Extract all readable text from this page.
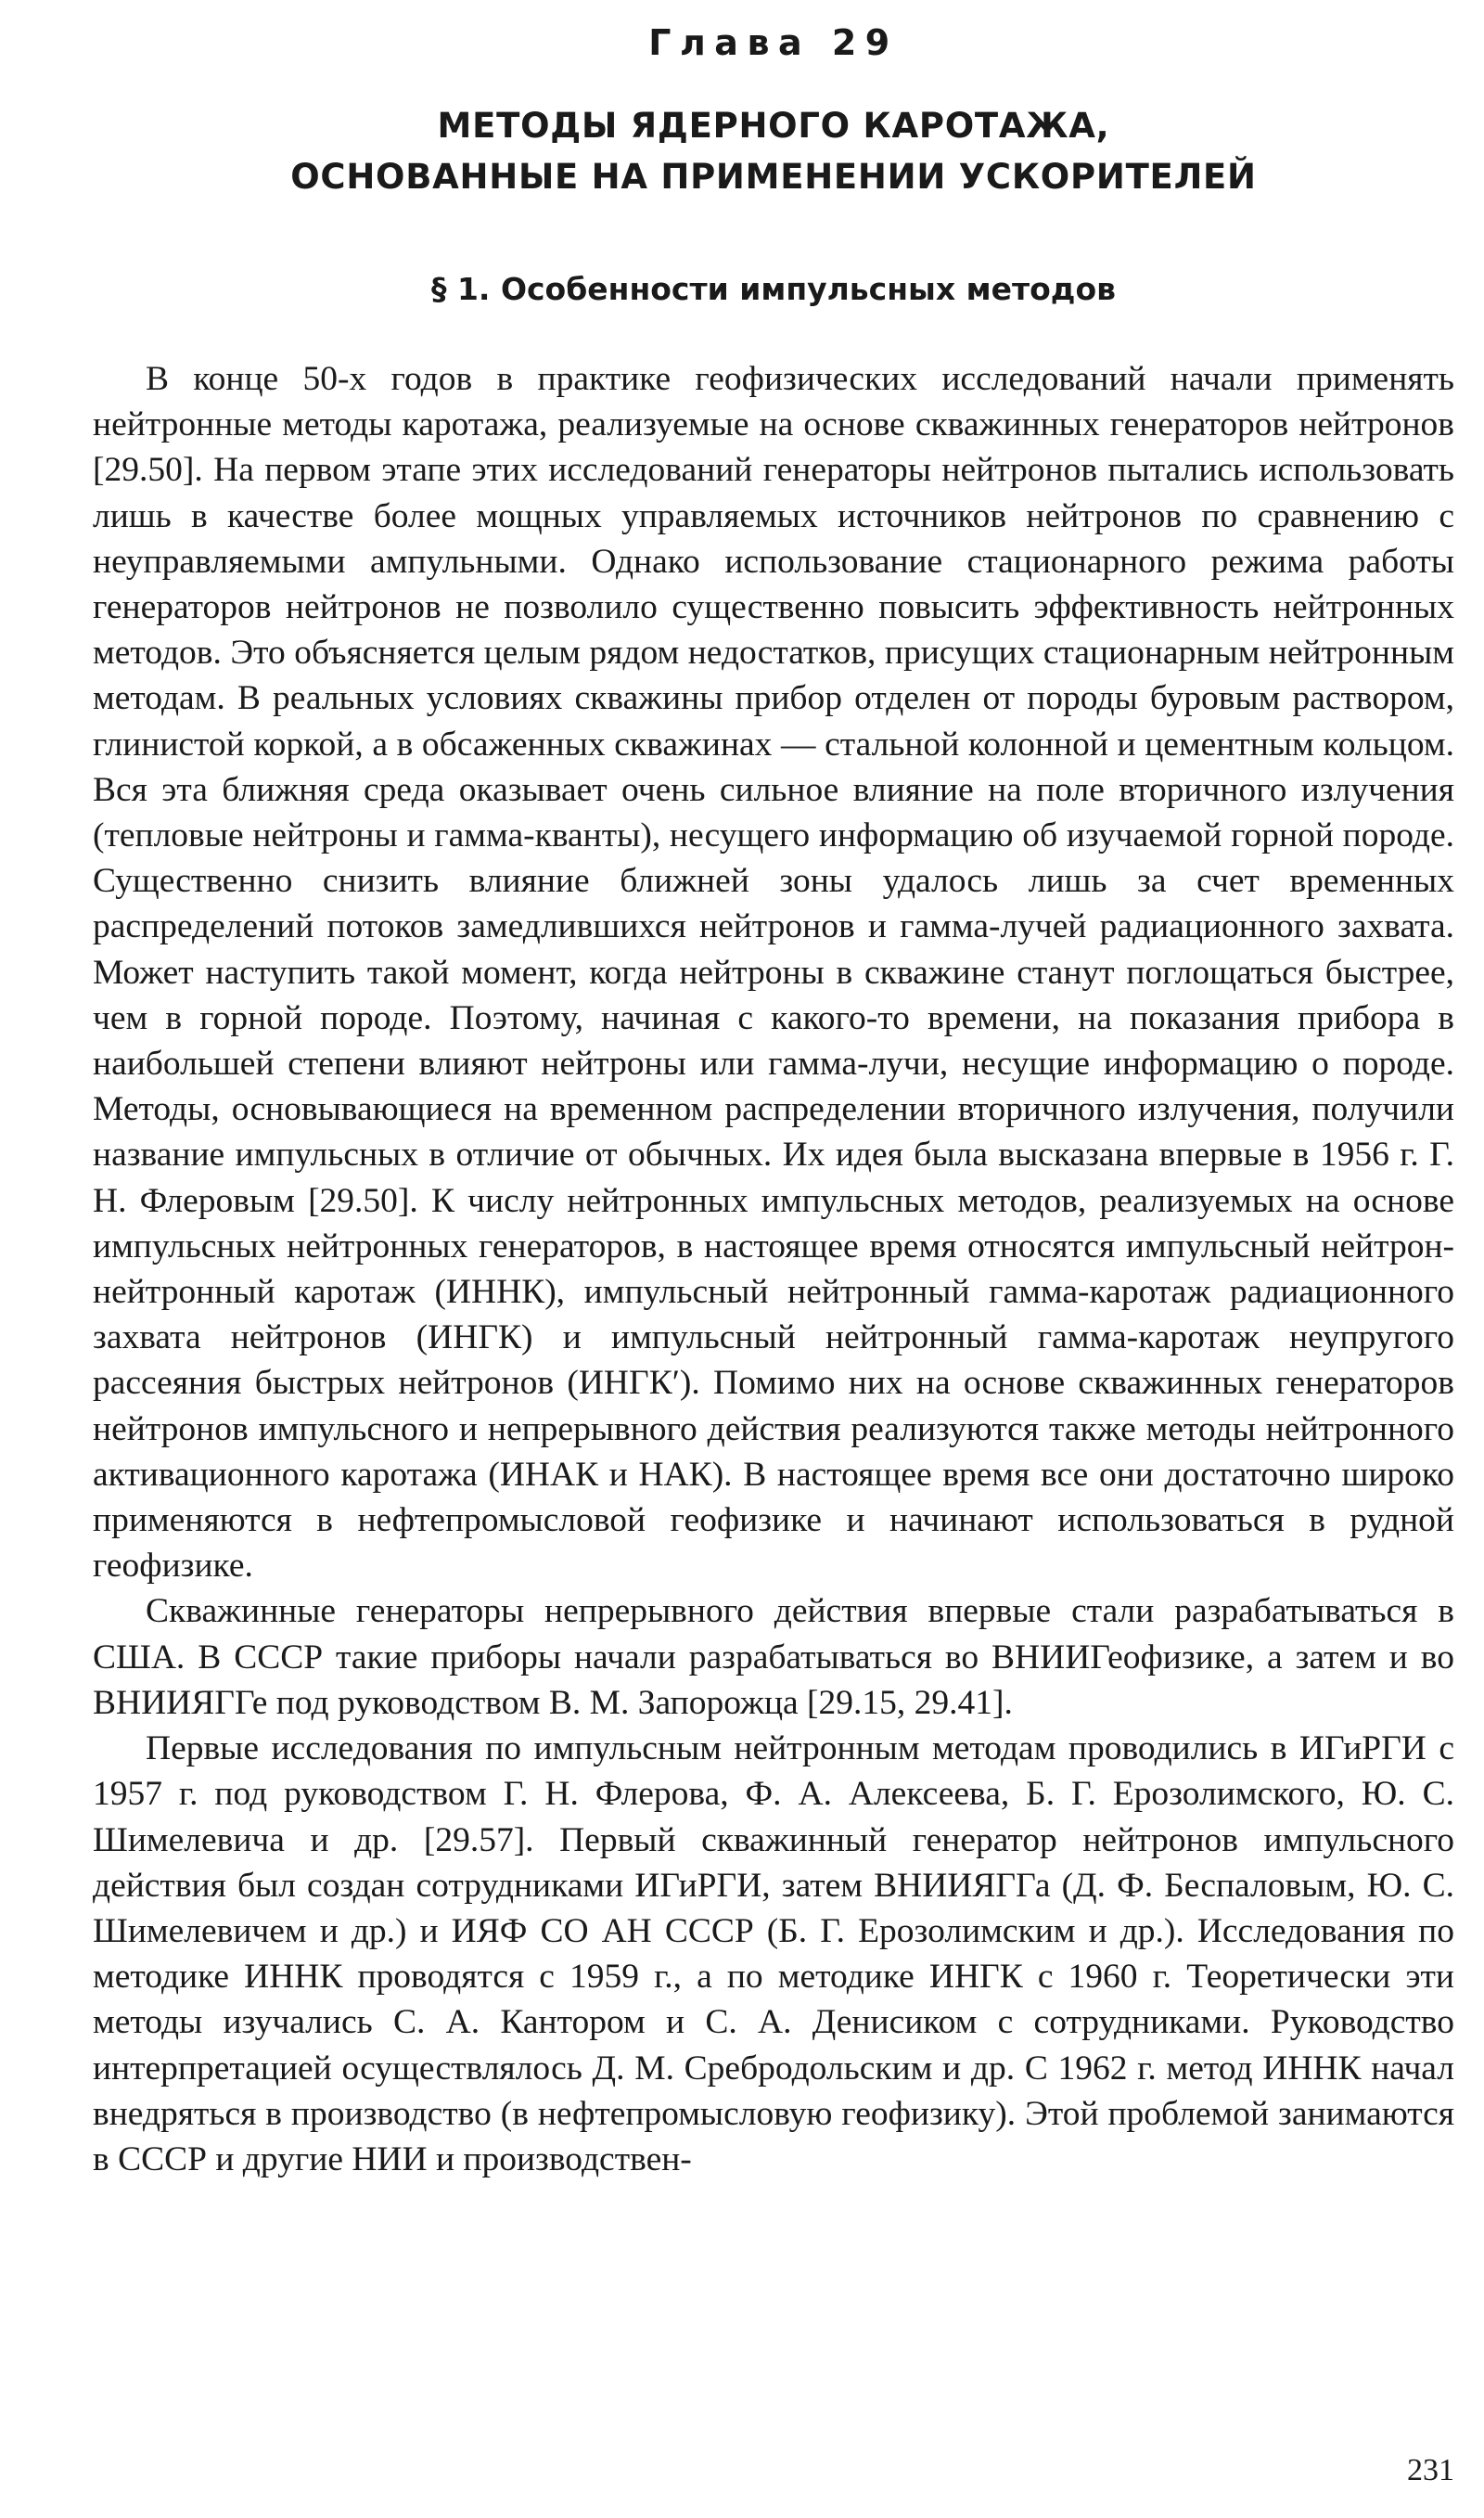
Глава 29
МЕТОДЫ ЯДЕРНОГО КАРОТАЖА,
ОСНОВАННЫЕ НА ПРИМЕНЕНИИ УСКОРИТЕЛЕЙ
§ 1. Особенности импульсных методов

В конце 50-х годов в практике геофизических исследований начали применять нейтронные методы каротажа, реализуемые на основе скважинных генераторов нейтронов [29.50]. На первом этапе этих исследований генераторы нейтронов пытались использовать лишь в качестве более мощных управляемых источников нейтронов по сравнению с неуправляемыми ампульными. Однако использование стационарного режима работы генераторов нейтронов не позволило существенно повысить эффективность нейтронных методов. Это объясняется целым рядом недостатков, присущих стационарным нейтронным методам. В реальных условиях скважины прибор отделен от породы буровым раствором, глинистой коркой, а в обсаженных скважинах — стальной колонной и цементным кольцом. Вся эта ближняя среда оказывает очень сильное влияние на поле вторичного излучения (тепловые нейтроны и гамма-кванты), несущего информацию об изучаемой горной породе. Существенно снизить влияние ближней зоны удалось лишь за счет временных распределений потоков замедлившихся нейтронов и гамма-лучей радиационного захвата. Может наступить такой момент, когда нейтроны в скважине станут поглощаться быстрее, чем в горной породе. Поэтому, начиная с какого-то времени, на показания прибора в наибольшей степени влияют нейтроны или гамма-лучи, несущие информацию о породе. Методы, основывающиеся на временном распределении вторичного излучения, получили название импульсных в отличие от обычных. Их идея была высказана впервые в 1956 г. Г. Н. Флеровым [29.50]. К числу нейтронных импульсных методов, реализуемых на основе импульсных нейтронных генераторов, в настоящее время относятся импульсный нейтрон-нейтронный каротаж (ИННК), импульсный нейтронный гамма-каротаж радиационного захвата нейтронов (ИНГК) и импульсный нейтронный гамма-каротаж неупругого рассеяния быстрых нейтронов (ИНГК′). Помимо них на основе скважинных генераторов нейтронов импульсного и непрерывного действия реализуются также методы нейтронного активационного каротажа (ИНАК и НАК). В настоящее время все они достаточно широко применяются в нефтепромысловой геофизике и начинают использоваться в рудной геофизике.

Скважинные генераторы непрерывного действия впервые стали разрабатываться в США. В СССР такие приборы начали разрабатываться во ВНИИГеофизике, а затем и во ВНИИЯГГе под руководством В. М. Запорожца [29.15, 29.41].

Первые исследования по импульсным нейтронным методам проводились в ИГиРГИ с 1957 г. под руководством Г. Н. Флерова, Ф. А. Алексеева, Б. Г. Ерозолимского, Ю. С. Шимелевича и др. [29.57]. Первый скважинный генератор нейтронов импульсного действия был создан сотрудниками ИГиРГИ, затем ВНИИЯГГа (Д. Ф. Беспаловым, Ю. С. Шимелевичем и др.) и ИЯФ СО АН СССР (Б. Г. Ерозолимским и др.). Исследования по методике ИННК проводятся с 1959 г., а по методике ИНГК с 1960 г. Теоретически эти методы изучались С. А. Кантором и С. А. Денисиком с сотрудниками. Руководство интерпретацией осуществлялось Д. М. Сребродольским и др. С 1962 г. метод ИННК начал внедряться в производство (в нефтепромысловую геофизику). Этой проблемой занимаются в СССР и другие НИИ и производствен-

231
